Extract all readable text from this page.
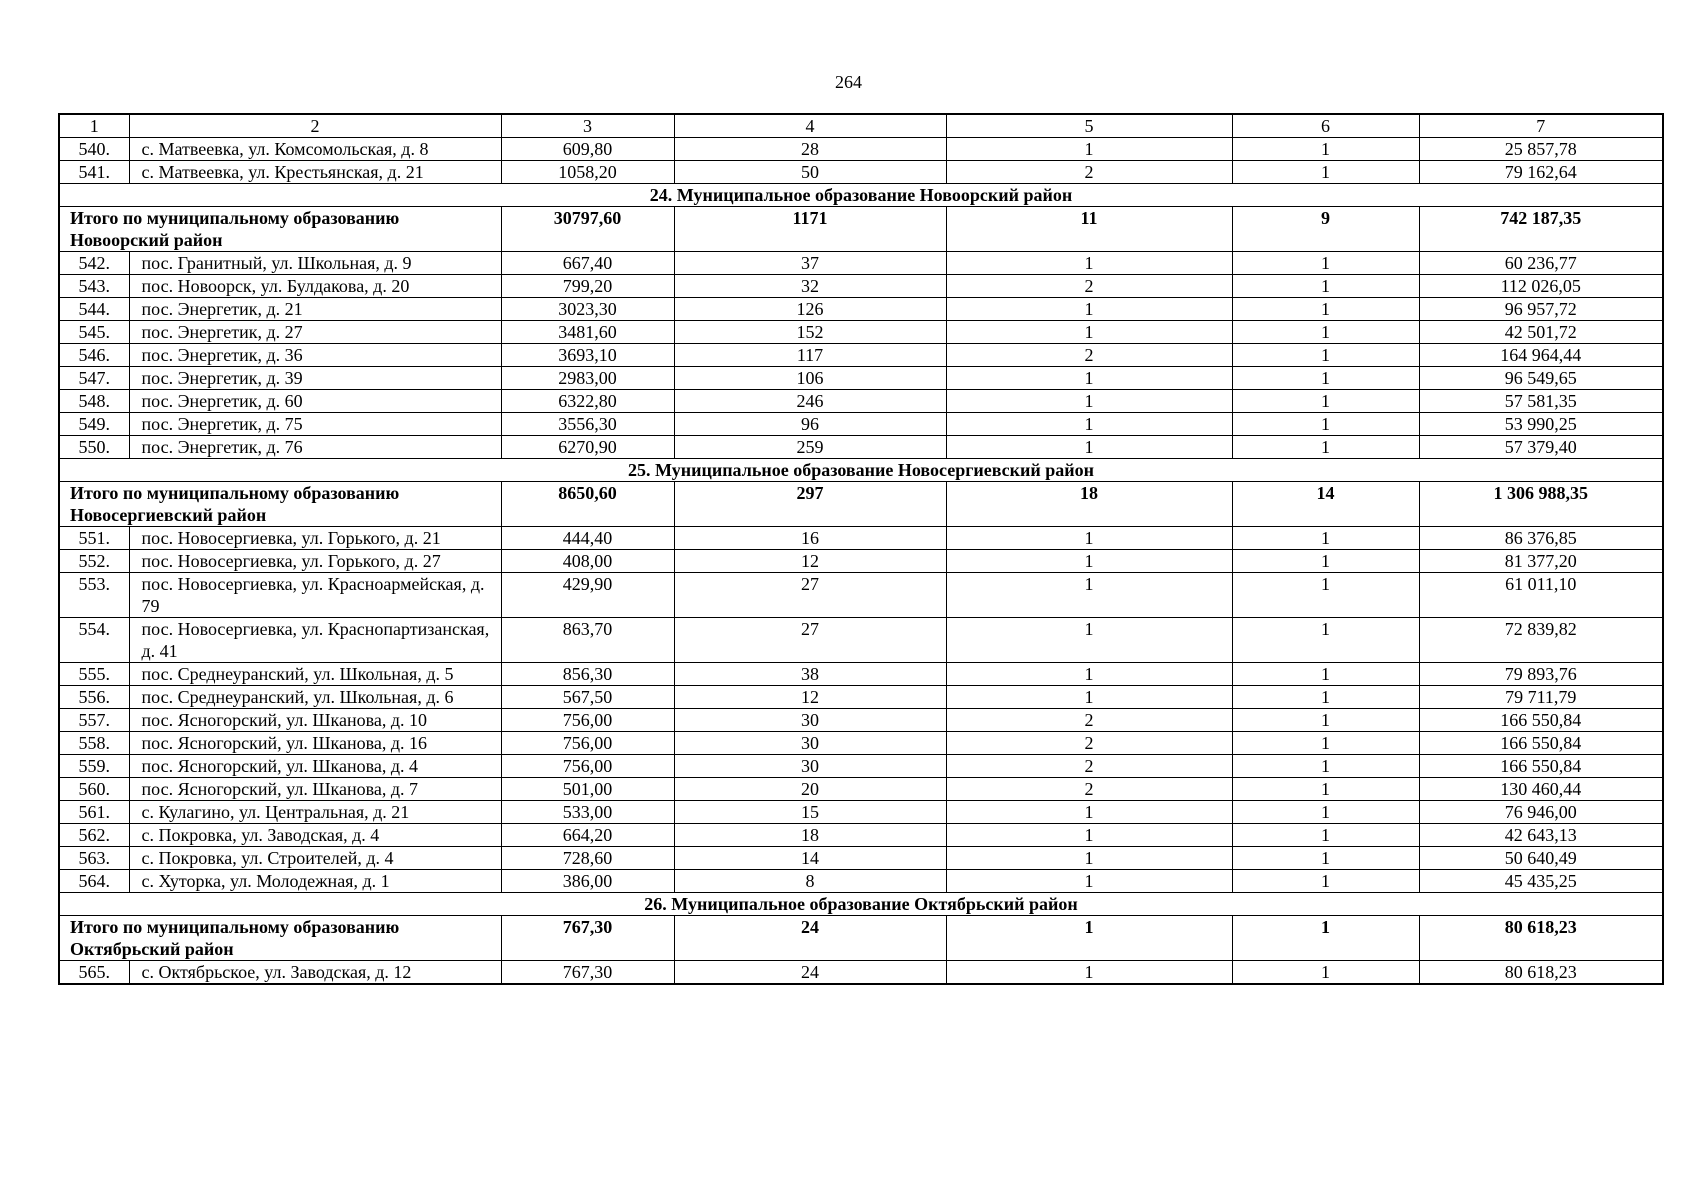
264
1	2	3	4	5	6	7
540.	с. Матвеевка, ул. Комсомольская, д. 8	609,80	28	1	1	25 857,78
541.	с. Матвеевка, ул. Крестьянская, д. 21	1058,20	50	2	1	79 162,64
24. Муниципальное образование Новоорский район						
Итого по муниципальному образованию Новоорский район		30797,60	1171	11	9	742 187,35
542.	пос. Гранитный, ул. Школьная, д. 9	667,40	37	1	1	60 236,77
543.	пос. Новоорск, ул. Булдакова, д. 20	799,20	32	2	1	112 026,05
544.	пос. Энергетик, д. 21	3023,30	126	1	1	96 957,72
545.	пос. Энергетик, д. 27	3481,60	152	1	1	42 501,72
546.	пос. Энергетик, д. 36	3693,10	117	2	1	164 964,44
547.	пос. Энергетик, д. 39	2983,00	106	1	1	96 549,65
548.	пос. Энергетик, д. 60	6322,80	246	1	1	57 581,35
549.	пос. Энергетик, д. 75	3556,30	96	1	1	53 990,25
550.	пос. Энергетик, д. 76	6270,90	259	1	1	57 379,40
25. Муниципальное образование Новосергиевский район						
Итого по муниципальному образованию Новосергиевский район		8650,60	297	18	14	1 306 988,35
551.	пос. Новосергиевка, ул. Горького, д. 21	444,40	16	1	1	86 376,85
552.	пос. Новосергиевка, ул. Горького, д. 27	408,00	12	1	1	81 377,20
553.	пос. Новосергиевка, ул. Красноармейская, д. 79	429,90	27	1	1	61 011,10
554.	пос. Новосергиевка, ул. Краснопартизанская, д. 41	863,70	27	1	1	72 839,82
555.	пос. Среднеуранский, ул. Школьная, д. 5	856,30	38	1	1	79 893,76
556.	пос. Среднеуранский, ул. Школьная, д. 6	567,50	12	1	1	79 711,79
557.	пос. Ясногорский, ул. Шканова, д. 10	756,00	30	2	1	166 550,84
558.	пос. Ясногорский, ул. Шканова, д. 16	756,00	30	2	1	166 550,84
559.	пос. Ясногорский, ул. Шканова, д. 4	756,00	30	2	1	166 550,84
560.	пос. Ясногорский, ул. Шканова, д. 7	501,00	20	2	1	130 460,44
561.	с. Кулагино, ул. Центральная, д. 21	533,00	15	1	1	76 946,00
562.	с. Покровка, ул. Заводская, д. 4	664,20	18	1	1	42 643,13
563.	с. Покровка, ул. Строителей, д. 4	728,60	14	1	1	50 640,49
564.	с. Хуторка, ул. Молодежная, д. 1	386,00	8	1	1	45 435,25
26. Муниципальное образование Октябрьский район						
Итого по муниципальному образованию Октябрьский район		767,30	24	1	1	80 618,23
565.	с. Октябрьское, ул. Заводская, д. 12	767,30	24	1	1	80 618,23
